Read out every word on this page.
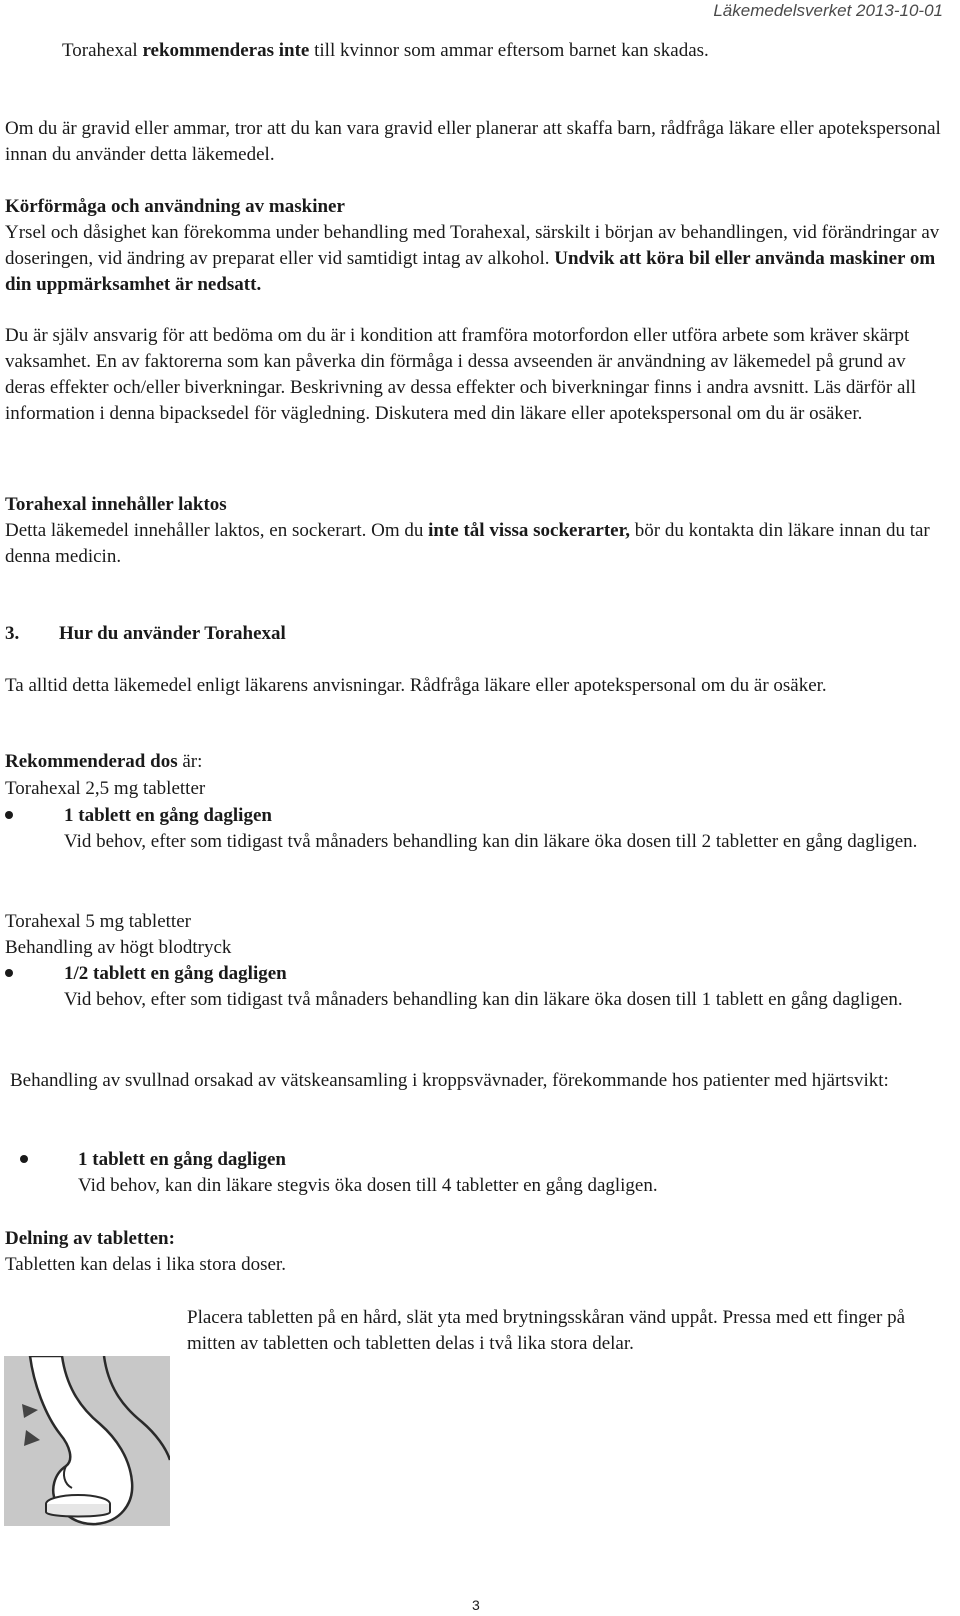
Läkemedelsverket 2013-10-01

Torahexal rekommenderas inte till kvinnor som ammar eftersom barnet kan skadas.

Om du är gravid eller ammar, tror att du kan vara gravid eller planerar att skaffa barn, rådfråga läkare eller apotekspersonal innan du använder detta läkemedel.

Körförmåga och användning av maskiner
Yrsel och dåsighet kan förekomma under behandling med Torahexal, särskilt i början av behandlingen, vid förändringar av doseringen, vid ändring av preparat eller vid samtidigt intag av alkohol. Undvik att köra bil eller använda maskiner om din uppmärksamhet är nedsatt.

Du är själv ansvarig för att bedöma om du är i kondition att framföra motorfordon eller utföra arbete som kräver skärpt vaksamhet. En av faktorerna som kan påverka din förmåga i dessa avseenden är användning av läkemedel på grund av deras effekter och/eller biverkningar. Beskrivning av dessa effekter och biverkningar finns i andra avsnitt. Läs därför all information i denna bipacksedel för vägledning. Diskutera med din läkare eller apotekspersonal om du är osäker.

Torahexal innehåller laktos
Detta läkemedel innehåller laktos, en sockerart. Om du inte tål vissa sockerarter, bör du kontakta din läkare innan du tar denna medicin.

3. Hur du använder Torahexal

Ta alltid detta läkemedel enligt läkarens anvisningar. Rådfråga läkare eller apotekspersonal om du är osäker.

Rekommenderad dos är:

Torahexal 2,5 mg tabletter

1 tablett en gång dagligen
Vid behov, efter som tidigast två månaders behandling kan din läkare öka dosen till 2 tabletter en gång dagligen.

Torahexal 5 mg tabletter
Behandling av högt blodtryck

1/2 tablett en gång dagligen
Vid behov, efter som tidigast två månaders behandling kan din läkare öka dosen till 1 tablett en gång dagligen.

Behandling av svullnad orsakad av vätskeansamling i kroppsvävnader, förekommande hos patienter med hjärtsvikt:

1 tablett en gång dagligen
Vid behov, kan din läkare stegvis öka dosen till 4 tabletter en gång dagligen.

Delning av tabletten:
Tabletten kan delas i lika stora doser.

Placera tabletten på en hård, slät yta med brytningsskåran vänd uppåt. Pressa med ett finger på mitten av tabletten och tabletten delas i två lika stora delar.

3
